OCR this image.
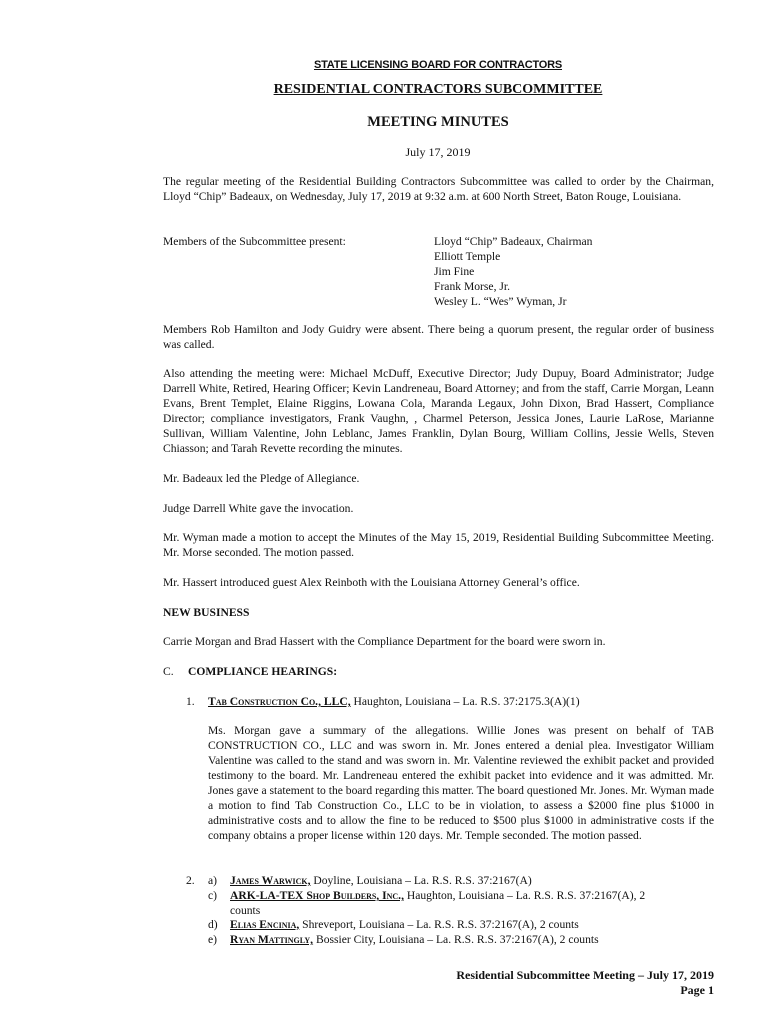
STATE LICENSING BOARD FOR CONTRACTORS
RESIDENTIAL CONTRACTORS SUBCOMMITTEE
MEETING MINUTES
July 17, 2019
The regular meeting of the Residential Building Contractors Subcommittee was called to order by the Chairman, Lloyd “Chip” Badeaux, on Wednesday, July 17, 2019 at 9:32 a.m. at 600 North Street, Baton Rouge, Louisiana.
Members of the Subcommittee present:	Lloyd “Chip” Badeaux, Chairman
Elliott Temple
Jim Fine
Frank Morse, Jr.
Wesley L. “Wes” Wyman, Jr
Members Rob Hamilton and Jody Guidry were absent. There being a quorum present, the regular order of business was called.
Also attending the meeting were: Michael McDuff, Executive Director; Judy Dupuy, Board Administrator; Judge Darrell White, Retired, Hearing Officer; Kevin Landreneau, Board Attorney; and from the staff, Carrie Morgan, Leann Evans, Brent Templet, Elaine Riggins, Lowana Cola, Maranda Legaux, John Dixon, Brad Hassert, Compliance Director; compliance investigators, Frank Vaughn, , Charmel Peterson, Jessica Jones, Laurie LaRose, Marianne Sullivan, William Valentine, John Leblanc, James Franklin, Dylan Bourg, William Collins, Jessie Wells, Steven Chiasson; and Tarah Revette recording the minutes.
Mr. Badeaux led the Pledge of Allegiance.
Judge Darrell White gave the invocation.
Mr. Wyman made a motion to accept the Minutes of the May 15, 2019, Residential Building Subcommittee Meeting. Mr. Morse seconded. The motion passed.
Mr. Hassert introduced guest Alex Reinboth with the Louisiana Attorney General’s office.
NEW BUSINESS
Carrie Morgan and Brad Hassert with the Compliance Department for the board were sworn in.
C. COMPLIANCE HEARINGS:
1. Tab Construction Co., LLC, Haughton, Louisiana – La. R.S. 37:2175.3(A)(1)
Ms. Morgan gave a summary of the allegations. Willie Jones was present on behalf of TAB CONSTRUCTION CO., LLC and was sworn in. Mr. Jones entered a denial plea. Investigator William Valentine was called to the stand and was sworn in. Mr. Valentine reviewed the exhibit packet and provided testimony to the board. Mr. Landreneau entered the exhibit packet into evidence and it was admitted. Mr. Jones gave a statement to the board regarding this matter. The board questioned Mr. Jones. Mr. Wyman made a motion to find Tab Construction Co., LLC to be in violation, to assess a $2000 fine plus $1000 in administrative costs and to allow the fine to be reduced to $500 plus $1000 in administrative costs if the company obtains a proper license within 120 days. Mr. Temple seconded. The motion passed.
2. a) James Warwick, Doyline, Louisiana – La. R.S. R.S. 37:2167(A)
c) ARK-LA-TEX Shop Builders, Inc., Haughton, Louisiana – La. R.S. R.S. 37:2167(A), 2
counts
d) Elias Encinia, Shreveport, Louisiana – La. R.S. R.S. 37:2167(A), 2 counts
e) Ryan Mattingly, Bossier City, Louisiana – La. R.S. R.S. 37:2167(A), 2 counts
Residential Subcommittee Meeting – July 17, 2019
Page 1
